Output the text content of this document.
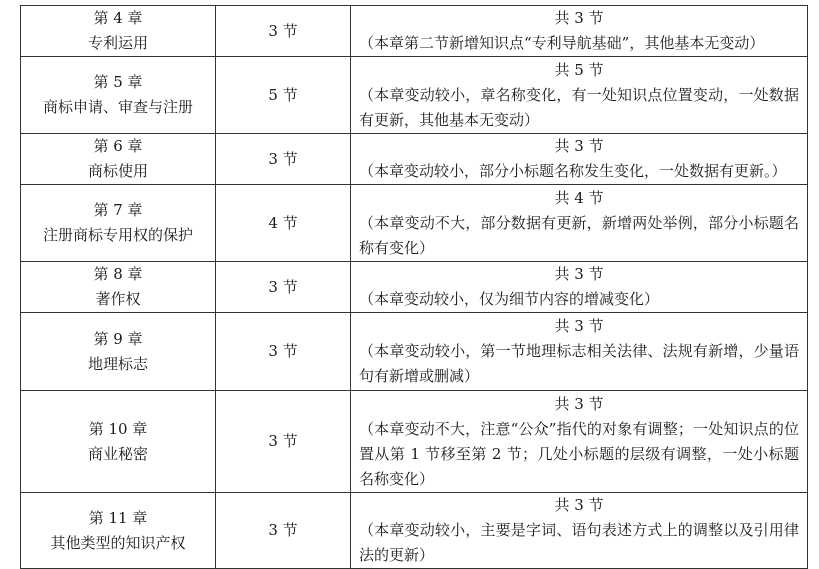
第 4 章
专利运用	3 节	共 3 节
（本章第二节新增知识点“专利导航基础”，其他基本无变动）

第 5 章
商标申请、审查与注册	5 节	共 5 节
（本章变动较小，章名称变化，有一处知识点位置变动，一处数据有更新，其他基本无变动）

第 6 章
商标使用	3 节	共 3 节
（本章变动较小，部分小标题名称发生变化，一处数据有更新。）

第 7 章
注册商标专用权的保护	4 节	共 4 节
（本章变动不大，部分数据有更新，新增两处举例，部分小标题名称有变化）

第 8 章
著作权	3 节	共 3 节
（本章变动较小，仅为细节内容的增减变化）

第 9 章
地理标志	3 节	共 3 节
（本章变动较小，第一节地理标志相关法律、法规有新增，少量语句有新增或删减）

第 10 章
商业秘密	3 节	共 3 节
（本章变动不大，注意“公众”指代的对象有调整；一处知识点的位置从第 1 节移至第 2 节；几处小标题的层级有调整，一处小标题名称变化）

第 11 章
其他类型的知识产权	3 节	共 3 节
（本章变动较小，主要是字词、语句表述方式上的调整以及引用律法的更新）
